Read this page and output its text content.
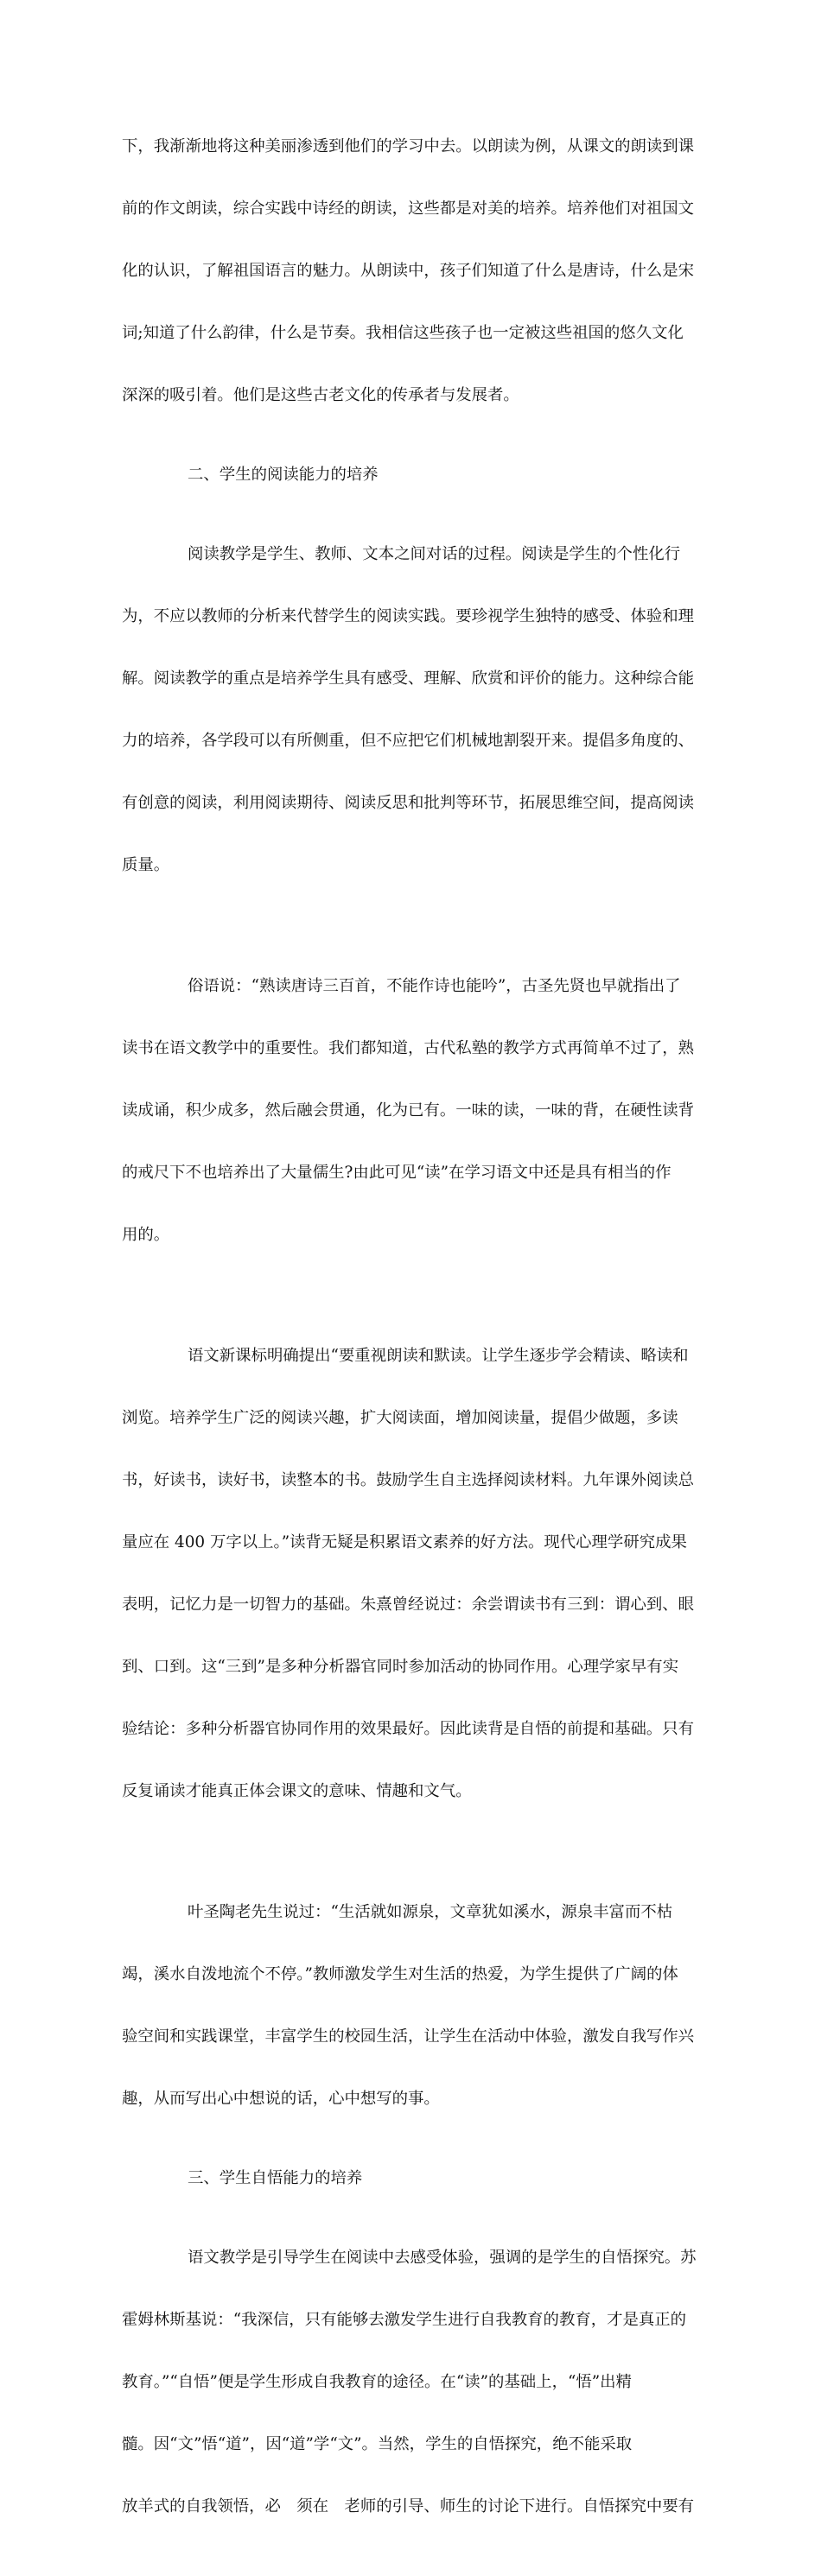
下，我渐渐地将这种美丽渗透到他们的学习中去。以朗读为例，从课文的朗读到课

前的作文朗读，综合实践中诗经的朗读，这些都是对美的培养。培养他们对祖国文

化的认识，了解祖国语言的魅力。从朗读中，孩子们知道了什么是唐诗，什么是宋

词;知道了什么韵律，什么是节奏。我相信这些孩子也一定被这些祖国的悠久文化

深深的吸引着。他们是这些古老文化的传承者与发展者。

二、学生的阅读能力的培养

阅读教学是学生、教师、文本之间对话的过程。阅读是学生的个性化行

为，不应以教师的分析来代替学生的阅读实践。要珍视学生独特的感受、体验和理

解。阅读教学的重点是培养学生具有感受、理解、欣赏和评价的能力。这种综合能

力的培养，各学段可以有所侧重，但不应把它们机械地割裂开来。提倡多角度的、

有创意的阅读，利用阅读期待、阅读反思和批判等环节，拓展思维空间，提高阅读

质量。

俗语说：“熟读唐诗三百首，不能作诗也能吟”，古圣先贤也早就指出了

读书在语文教学中的重要性。我们都知道，古代私塾的教学方式再简单不过了，熟

读成诵，积少成多，然后融会贯通，化为已有。一味的读，一味的背，在硬性读背

的戒尺下不也培养出了大量儒生?由此可见“读”在学习语文中还是具有相当的作

用的。

语文新课标明确提出“要重视朗读和默读。让学生逐步学会精读、略读和

浏览。培养学生广泛的阅读兴趣，扩大阅读面，增加阅读量，提倡少做题，多读

书，好读书，读好书，读整本的书。鼓励学生自主选择阅读材料。九年课外阅读总

量应在 400 万字以上。”读背无疑是积累语文素养的好方法。现代心理学研究成果

表明，记忆力是一切智力的基础。朱熹曾经说过：余尝谓读书有三到：谓心到、眼

到、口到。这“三到”是多种分析器官同时参加活动的协同作用。心理学家早有实

验结论：多种分析器官协同作用的效果最好。因此读背是自悟的前提和基础。只有

反复诵读才能真正体会课文的意味、情趣和文气。

叶圣陶老先生说过：“生活就如源泉，文章犹如溪水，源泉丰富而不枯

竭，溪水自泼地流个不停。”教师激发学生对生活的热爱，为学生提供了广阔的体

验空间和实践课堂，丰富学生的校园生活，让学生在活动中体验，激发自我写作兴

趣，从而写出心中想说的话，心中想写的事。

三、学生自悟能力的培养

语文教学是引导学生在阅读中去感受体验，强调的是学生的自悟探究。苏

霍姆林斯基说：“我深信，只有能够去激发学生进行自我教育的教育，才是真正的

教育。”“自悟”便是学生形成自我教育的途径。在“读”的基础上，“悟”出精

髓。因“文”悟“道”，因“道”学“文”。当然，学生的自悟探究，绝不能采取

放羊式的自我领悟，必　须在　老师的引导、师生的讨论下进行。自悟探究中要有
